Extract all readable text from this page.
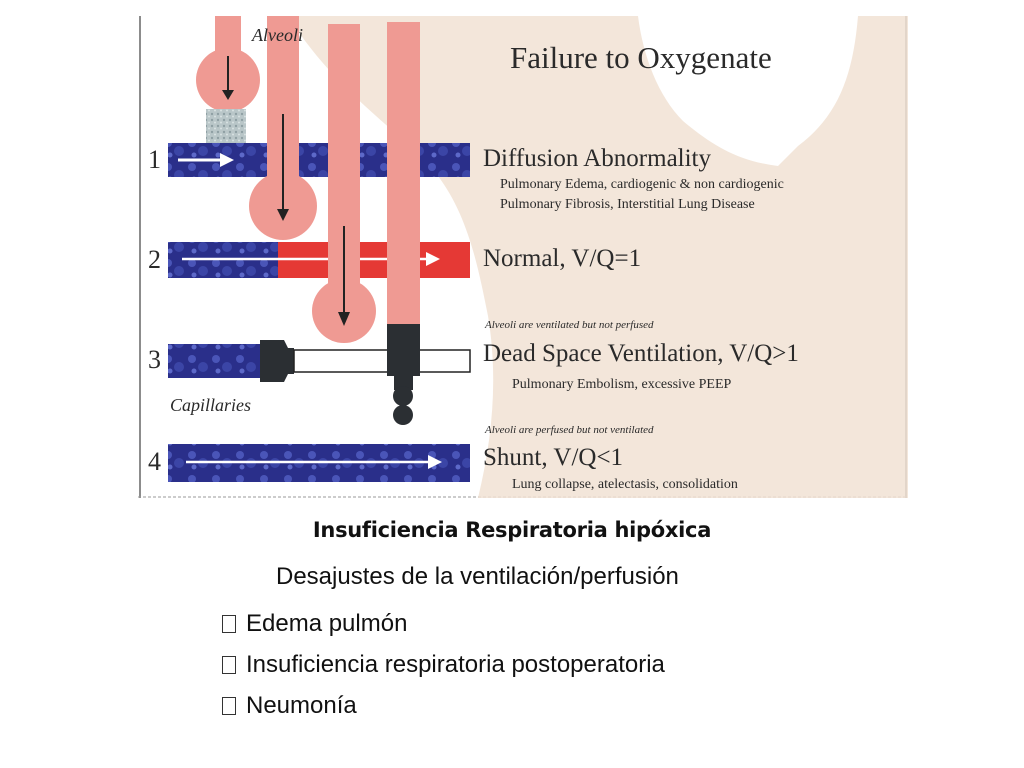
Alveoli
Capillaries
Failure to Oxygenate
1
2
3
4
Diffusion Abnormality
Pulmonary Edema, cardiogenic & non cardiogenic
Pulmonary Fibrosis, Interstitial Lung Disease
Normal, V/Q=1
Alveoli are ventilated but not perfused
Dead Space Ventilation, V/Q>1
Pulmonary Embolism, excessive PEEP
Alveoli are perfused but not ventilated
Shunt, V/Q<1
Lung collapse, atelectasis, consolidation
Insuficiencia Respiratoria hipóxica
Desajustes de la ventilación/perfusión
Edema pulmón
Insuficiencia respiratoria postoperatoria
Neumonía
